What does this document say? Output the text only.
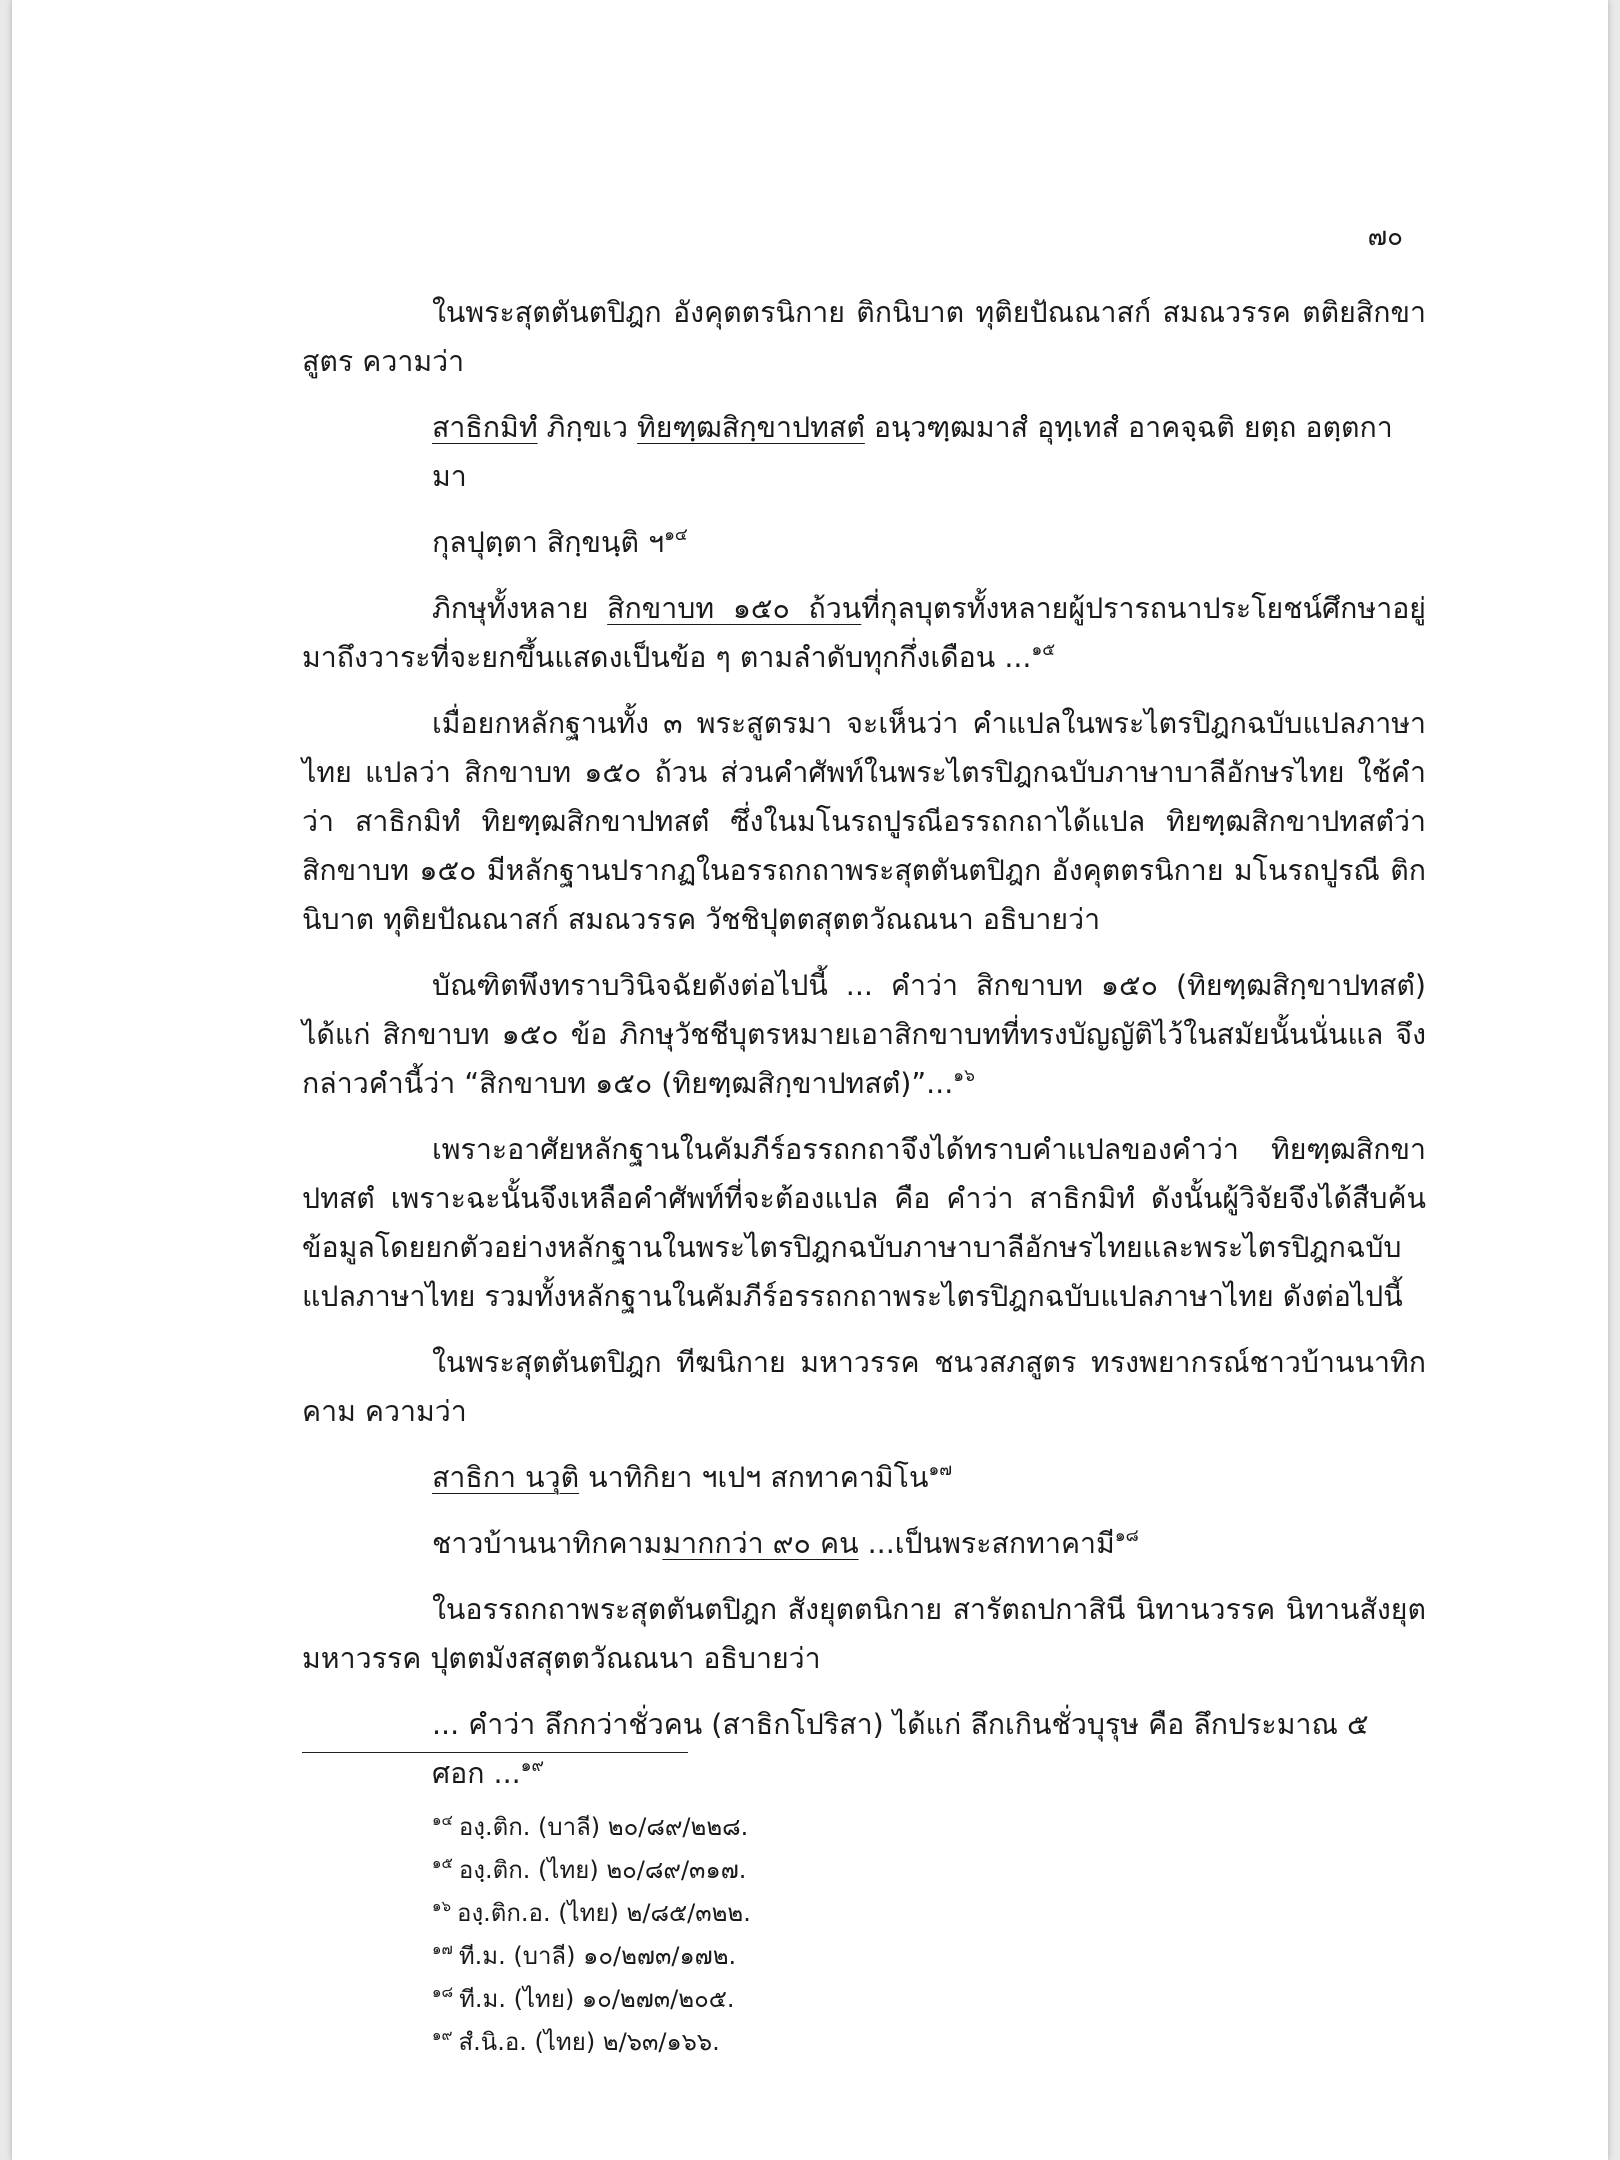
๗๐

ในพระสุตตันตปิฎก อังคุตตรนิกาย ติกนิบาต ทุติยปัณณาสก์ สมณวรรค ตติยสิกขาสูตร ความว่า

สาธิกมิทํ ภิกฺขเว ทิยฑฺฒสิกฺขาปทสตํ อนฺวฑฺฒมาสํ อุทฺเทสํ อาคจฺฉติ ยตฺถ อตฺตกามา

กุลปุตฺตา สิกฺขนฺติ ฯ$^{๑๔}$

ภิกษุทั้งหลาย สิกขาบท ๑๕๐ ถ้วนที่กุลบุตรทั้งหลายผู้ปรารถนาประโยชน์ศึกษาอยู่ มาถึงวาระที่จะยกขึ้นแสดงเป็นข้อ ๆ ตามลำดับทุกกึ่งเดือน ...$^{๑๕}$

เมื่อยกหลักฐานทั้ง ๓ พระสูตรมา จะเห็นว่า คำแปลในพระไตรปิฎกฉบับแปลภาษาไทย แปลว่า สิกขาบท ๑๕๐ ถ้วน ส่วนคำศัพท์ในพระไตรปิฎกฉบับภาษาบาลีอักษรไทย ใช้คำว่า สาธิกมิทํ ทิยฑฺฒสิกขาปทสตํ ซึ่งในมโนรถปูรณีอรรถกถาได้แปล ทิยฑฺฒสิกขาปทสตํว่า สิกขาบท ๑๕๐ มีหลักฐานปรากฏในอรรถกถาพระสุตตันตปิฎก อังคุตตรนิกาย มโนรถปูรณี ติกนิบาต ทุติยปัณณาสก์ สมณวรรค วัชชิปุตตสุตตวัณณนา อธิบายว่า

บัณฑิตพึงทราบวินิจฉัยดังต่อไปนี้ ... คำว่า สิกขาบท ๑๕๐ (ทิยฑฺฒสิกฺขาปทสตํ) ได้แก่ สิกขาบท ๑๕๐ ข้อ ภิกษุวัชชีบุตรหมายเอาสิกขาบทที่ทรงบัญญัติไว้ในสมัยนั้นนั่นแล จึงกล่าวคำนี้ว่า “สิกขาบท ๑๕๐ (ทิยฑฺฒสิกฺขาปทสตํ)”...$^{๑๖}$

เพราะอาศัยหลักฐานในคัมภีร์อรรถกถาจึงได้ทราบคำแปลของคำว่า ทิยฑฺฒสิกขาปทสตํ เพราะฉะนั้นจึงเหลือคำศัพท์ที่จะต้องแปล คือ คำว่า สาธิกมิทํ ดังนั้นผู้วิจัยจึงได้สืบค้นข้อมูลโดยยกตัวอย่างหลักฐานในพระไตรปิฎกฉบับภาษาบาลีอักษรไทยและพระไตรปิฎกฉบับแปลภาษาไทย รวมทั้งหลักฐานในคัมภีร์อรรถกถาพระไตรปิฎกฉบับแปลภาษาไทย ดังต่อไปนี้

ในพระสุตตันตปิฎก ทีฆนิกาย มหาวรรค ชนวสภสูตร ทรงพยากรณ์ชาวบ้านนาทิกคาม ความว่า

สาธิกา นวุติ นาทิกิยา ฯเปฯ สกทาคามิโน$^{๑๗}$

ชาวบ้านนาทิกคามมากกว่า ๙๐ คน ...เป็นพระสกทาคามี$^{๑๘}$

ในอรรถกถาพระสุตตันตปิฎก สังยุตตนิกาย สารัตถปกาสินี นิทานวรรค นิทานสังยุต มหาวรรค ปุตตมังสสุตตวัณณนา อธิบายว่า

... คำว่า ลึกกว่าชั่วคน (สาธิกโปริสา) ได้แก่ ลึกเกินชั่วบุรุษ คือ ลึกประมาณ ๕ ศอก ...$^{๑๙}$

$^{๑๔}$ องฺ.ติก. (บาลี) ๒๐/๘๙/๒๒๘.
$^{๑๕}$ องฺ.ติก. (ไทย) ๒๐/๘๙/๓๑๗.
$^{๑๖}$ องฺ.ติก.อ. (ไทย) ๒/๘๕/๓๒๒.
$^{๑๗}$ ที.ม. (บาลี) ๑๐/๒๗๓/๑๗๒.
$^{๑๘}$ ที.ม. (ไทย) ๑๐/๒๗๓/๒๐๕.
$^{๑๙}$ สํ.นิ.อ. (ไทย) ๒/๖๓/๑๖๖.
